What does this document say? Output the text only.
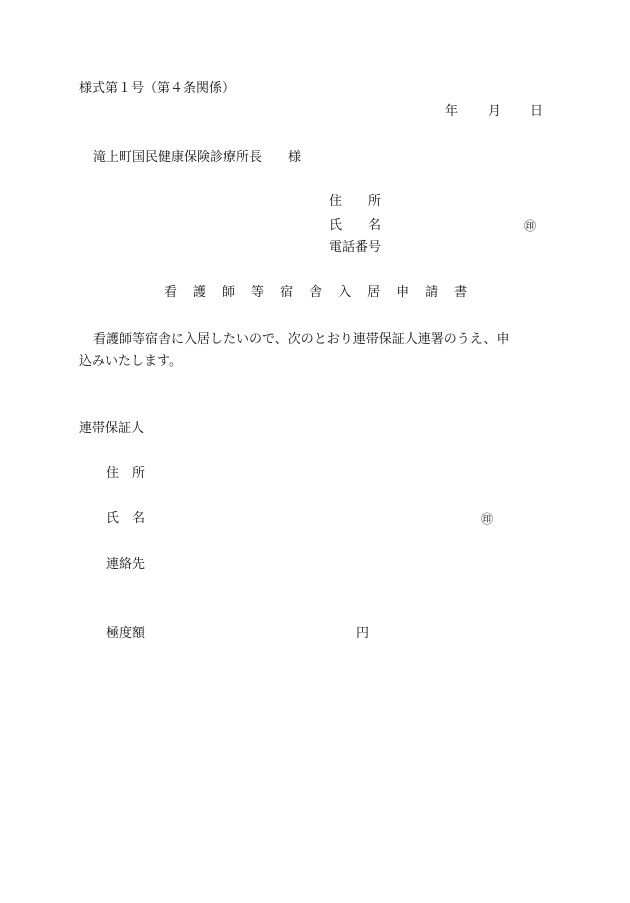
様式第１号（第４条関係）
年 月 日
滝上町国民健康保険診療所長　　様
住　　所
氏　　名	㊞
電話番号
看 護 師 等 宿 舎 入 居 申 請 書
看護師等宿舎に入居したいので、次のとおり連帯保証人連署のうえ、申
込みいたします。
連帯保証人
住　所
氏　名	㊞
連絡先
極度額	円
